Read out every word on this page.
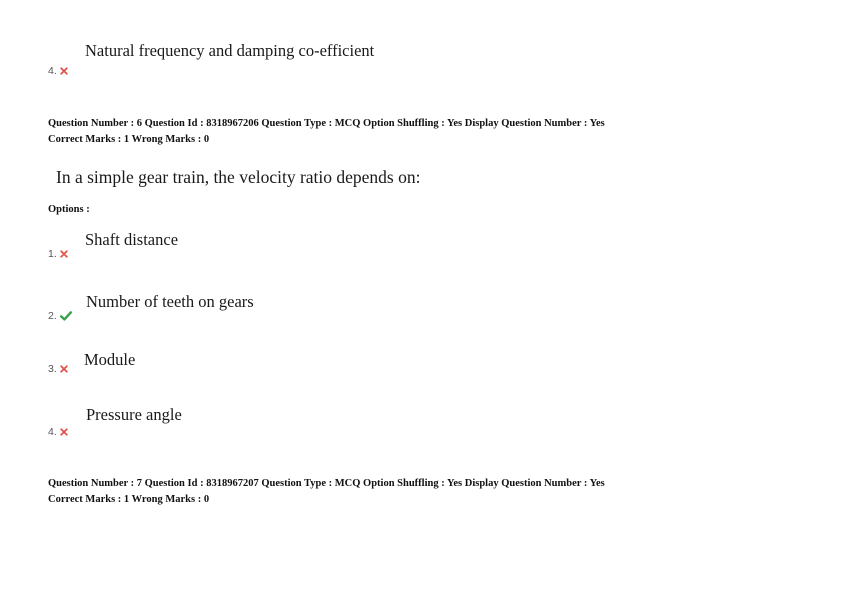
Natural frequency and damping co-efficient
4.
Question Number : 6 Question Id : 8318967206 Question Type : MCQ Option Shuffling : Yes Display Question Number : Yes
Correct Marks : 1 Wrong Marks : 0
In a simple gear train, the velocity ratio depends on:
Options :
Shaft distance
1.
Number of teeth on gears
2.
Module
3.
Pressure angle
4.
Question Number : 7 Question Id : 8318967207 Question Type : MCQ Option Shuffling : Yes Display Question Number : Yes
Correct Marks : 1 Wrong Marks : 0
